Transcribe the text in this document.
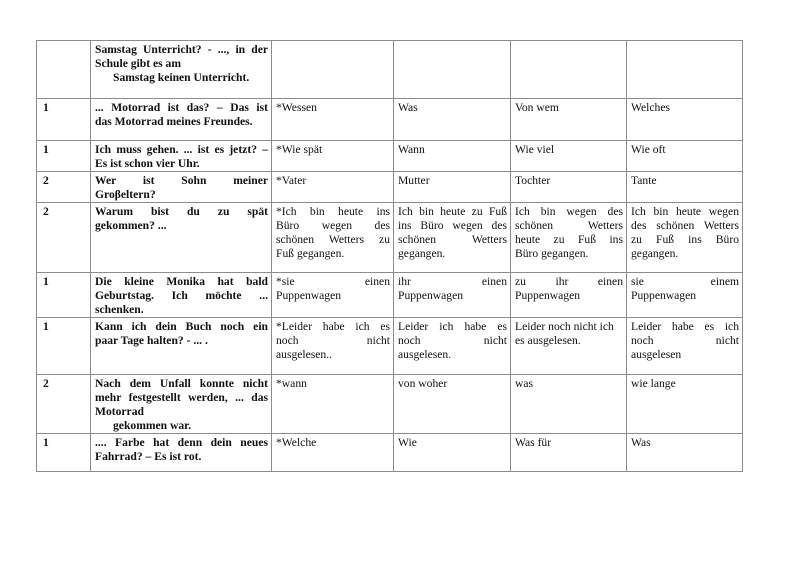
	Samstag Unterricht? - ..., in der
Schule gibt es am
Samstag keinen Unterricht.				

1	... Motorrad ist das? – Das ist
das Motorrad meines Freundes.	*Wessen	Was	Von wem	Welches
1	Ich muss gehen. ... ist es jetzt? –
Es ist schon vier Uhr.	*Wie spät	Wann	Wie viel	Wie oft
2	Wer ist Sohn meiner
Groβeltern?	*Vater	Mutter	Tochter	Tante
2	Warum bist du zu spät
gekommen? ...	*Ich bin heute ins
Büro wegen des
schönen Wetters zu
Fuß gegangen.	Ich bin heute zu Fuß
ins Büro wegen des
schönen Wetters
gegangen.	Ich bin wegen des
schönen Wetters
heute zu Fuß ins
Büro gegangen.	Ich bin heute wegen
des schönen Wetters
zu Fuß ins Büro
gegangen.

1	Die kleine Monika hat bald
Geburtstag. Ich möchte ...
schenken.	*sie einen
Puppenwagen	ihr einen
Puppenwagen	zu ihr einen
Puppenwagen	sie einem
Puppenwagen

1	Kann ich dein Buch noch ein
paar Tage halten? - ... .	*Leider habe ich es
noch nicht
ausgelesen..	Leider ich habe es
noch nicht
ausgelesen.	Leider noch nicht ich
es ausgelesen.	Leider habe es ich
noch nicht
ausgelesen

2	Nach dem Unfall konnte nicht
mehr festgestellt werden, ... das
Motorrad
gekommen war.	*wann	von woher	was	wie lange
1	.... Farbe hat denn dein neues
Fahrrad? – Es ist rot.	*Welche	Wie	Was für	Was
